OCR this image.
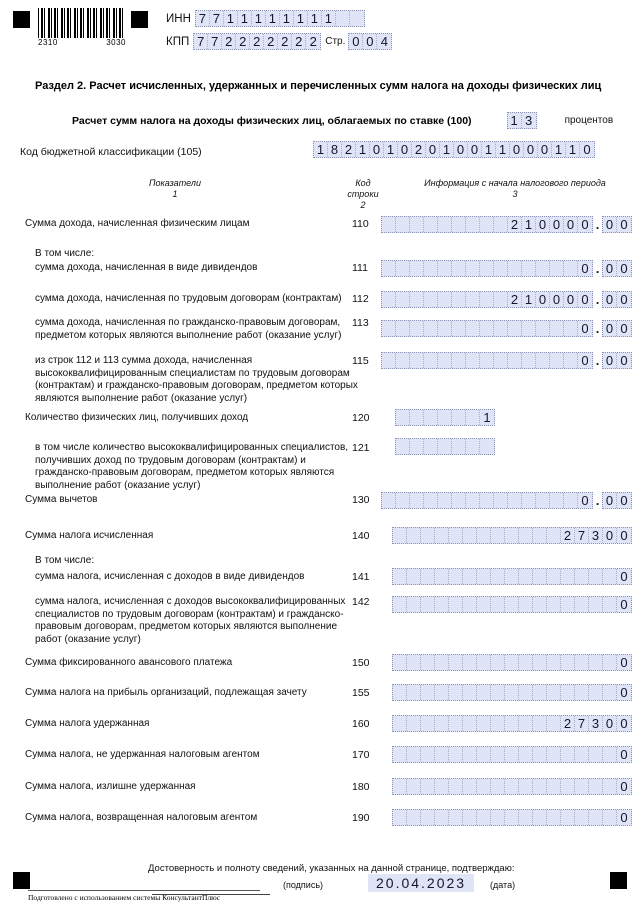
2310	3030
ИНН 7 7 1 1 1 1 1 1 1 1
КПП 7 7 2 2 2 2 2 2 2 Стр. 0 0 4
Раздел 2. Расчет исчисленных, удержанных и перечисленных сумм налога на доходы физических лиц
Расчет сумм налога на доходы физических лиц, облагаемых по ставке (100)	1 3	процентов
Код бюджетной классификации (105)	1 8 2 1 0 1 0 2 0 1 0 0 1 1 0 0 0 1 1 0
Показатели
1
Код
строки
2
Информация с начала налогового периода
3
Сумма дохода, начисленная физическим лицам	110	2 1 0 0 0 0 . 0 0
сумма дохода, начисленная в виде дивидендов	111	0 . 0 0
сумма дохода, начисленная по трудовым договорам (контрактам) 112	2 1 0 0 0 0 . 0 0
сумма дохода, начисленная по гражданско-правовым договорам, предметом которых являются выполнение работ (оказание услуг)
113	0 . 0 0
из строк 112 и 113 сумма дохода, начисленная высококвалифицированным специалистам по трудовым договорам (контрактам) и гражданско-правовым договорам, предметом которых являются выполнение работ (оказание услуг)
115	0 . 0 0
Количество физических лиц, получивших доход	120	1
в том числе количество высококвалифицированных специалистов, получивших доход по трудовым договорам (контрактам) и гражданско-правовым договорам, предметом которых являются выполнение работ (оказание услуг)
121
Сумма вычетов	130	0 . 0 0
Сумма налога исчисленная	140	2 7 3 0 0
сумма налога, исчисленная с доходов в виде дивидендов	141	0
сумма налога, исчисленная с доходов высококвалифицированных специалистов по трудовым договорам (контрактам) и гражданско-правовым договорам, предметом которых являются выполнение работ (оказание услуг)
142	0
Сумма фиксированного авансового платежа	150	0
Сумма налога на прибыль организаций, подлежащая зачету	155	0
Сумма налога удержанная	160	2 7 3 0 0
Сумма налога, не удержанная налоговым агентом	170	0
Сумма налога, излишне удержанная	180	0
Сумма налога, возвращенная налоговым агентом	190	0
В том числе:
В том числе:
Достоверность и полноту сведений, указанных на данной странице, подтверждаю:
(подпись)	20.04.2023	(дата)
Подготовлено с использованием системы КонсультантПлюс
